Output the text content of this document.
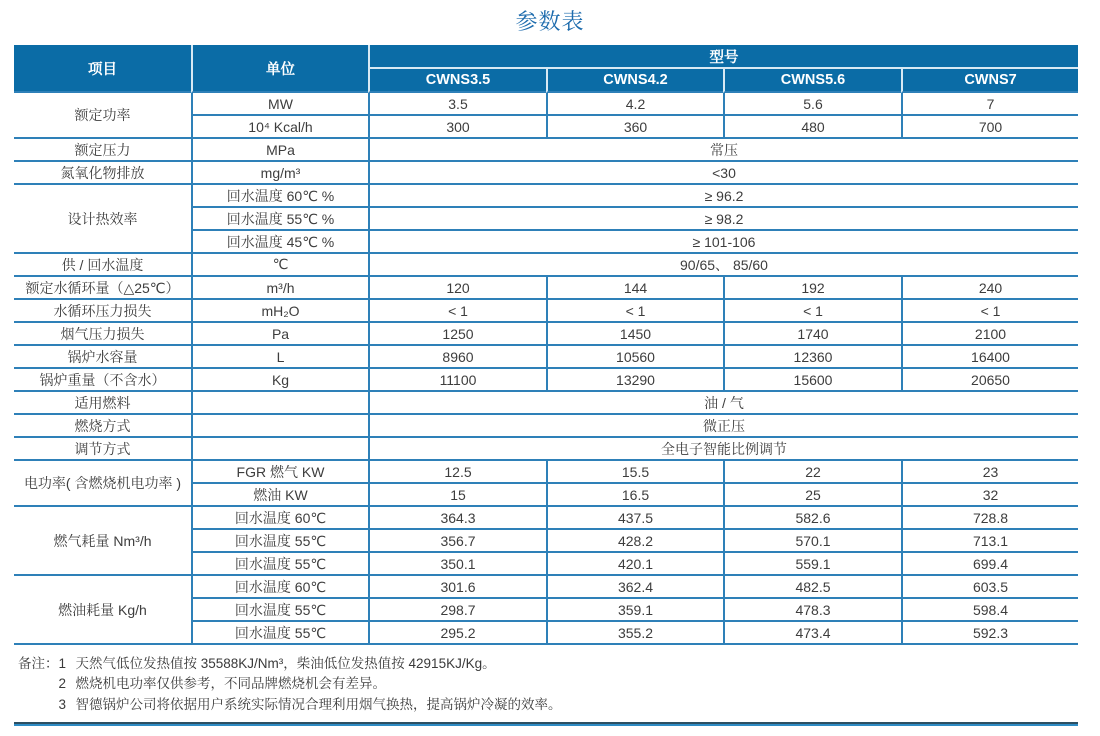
参数表
项目	单位	型号			
		CWNS3.5	CWNS4.2	CWNS5.6	CWNS7
额定功率	MW	3.5	4.2	5.6	7
	10⁴ Kcal/h	300	360	480	700
额定压力	MPa	常压			
氮氧化物排放	mg/m³	<30			
设计热效率	回水温度 60℃ %	≥ 96.2			
	回水温度 55℃ %	≥ 98.2			
	回水温度 45℃ %	≥ 101-106			
供 / 回水温度	℃	90/65、 85/60			
额定水循环量（△25℃）	m³/h	120	144	192	240
水循环压力损失	mH₂O	< 1	< 1	< 1	< 1
烟气压力损失	Pa	1250	1450	1740	2100
锅炉水容量	L	8960	10560	12360	16400
锅炉重量（不含水）	Kg	11100	13290	15600	20650
适用燃料		油 / 气			
燃烧方式		微正压			
调节方式		全电子智能比例调节			
电功率( 含燃烧机电功率 )	FGR 燃气 KW	12.5	15.5	22	23
	燃油 KW	15	16.5	25	32
燃气耗量 Nm³/h	回水温度 60℃	364.3	437.5	582.6	728.8
	回水温度 55℃	356.7	428.2	570.1	713.1
	回水温度 55℃	350.1	420.1	559.1	699.4
燃油耗量 Kg/h	回水温度 60℃	301.6	362.4	482.5	603.5
	回水温度 55℃	298.7	359.1	478.3	598.4
	回水温度 55℃	295.2	355.2	473.4	592.3
备注： 1 天然气低位发热值按 35588KJ/Nm³，柴油低位发热值按 42915KJ/Kg。
2 燃烧机电功率仅供参考，不同品牌燃烧机会有差异。
3 智德锅炉公司将依据用户系统实际情况合理利用烟气换热，提高锅炉冷凝的效率。
